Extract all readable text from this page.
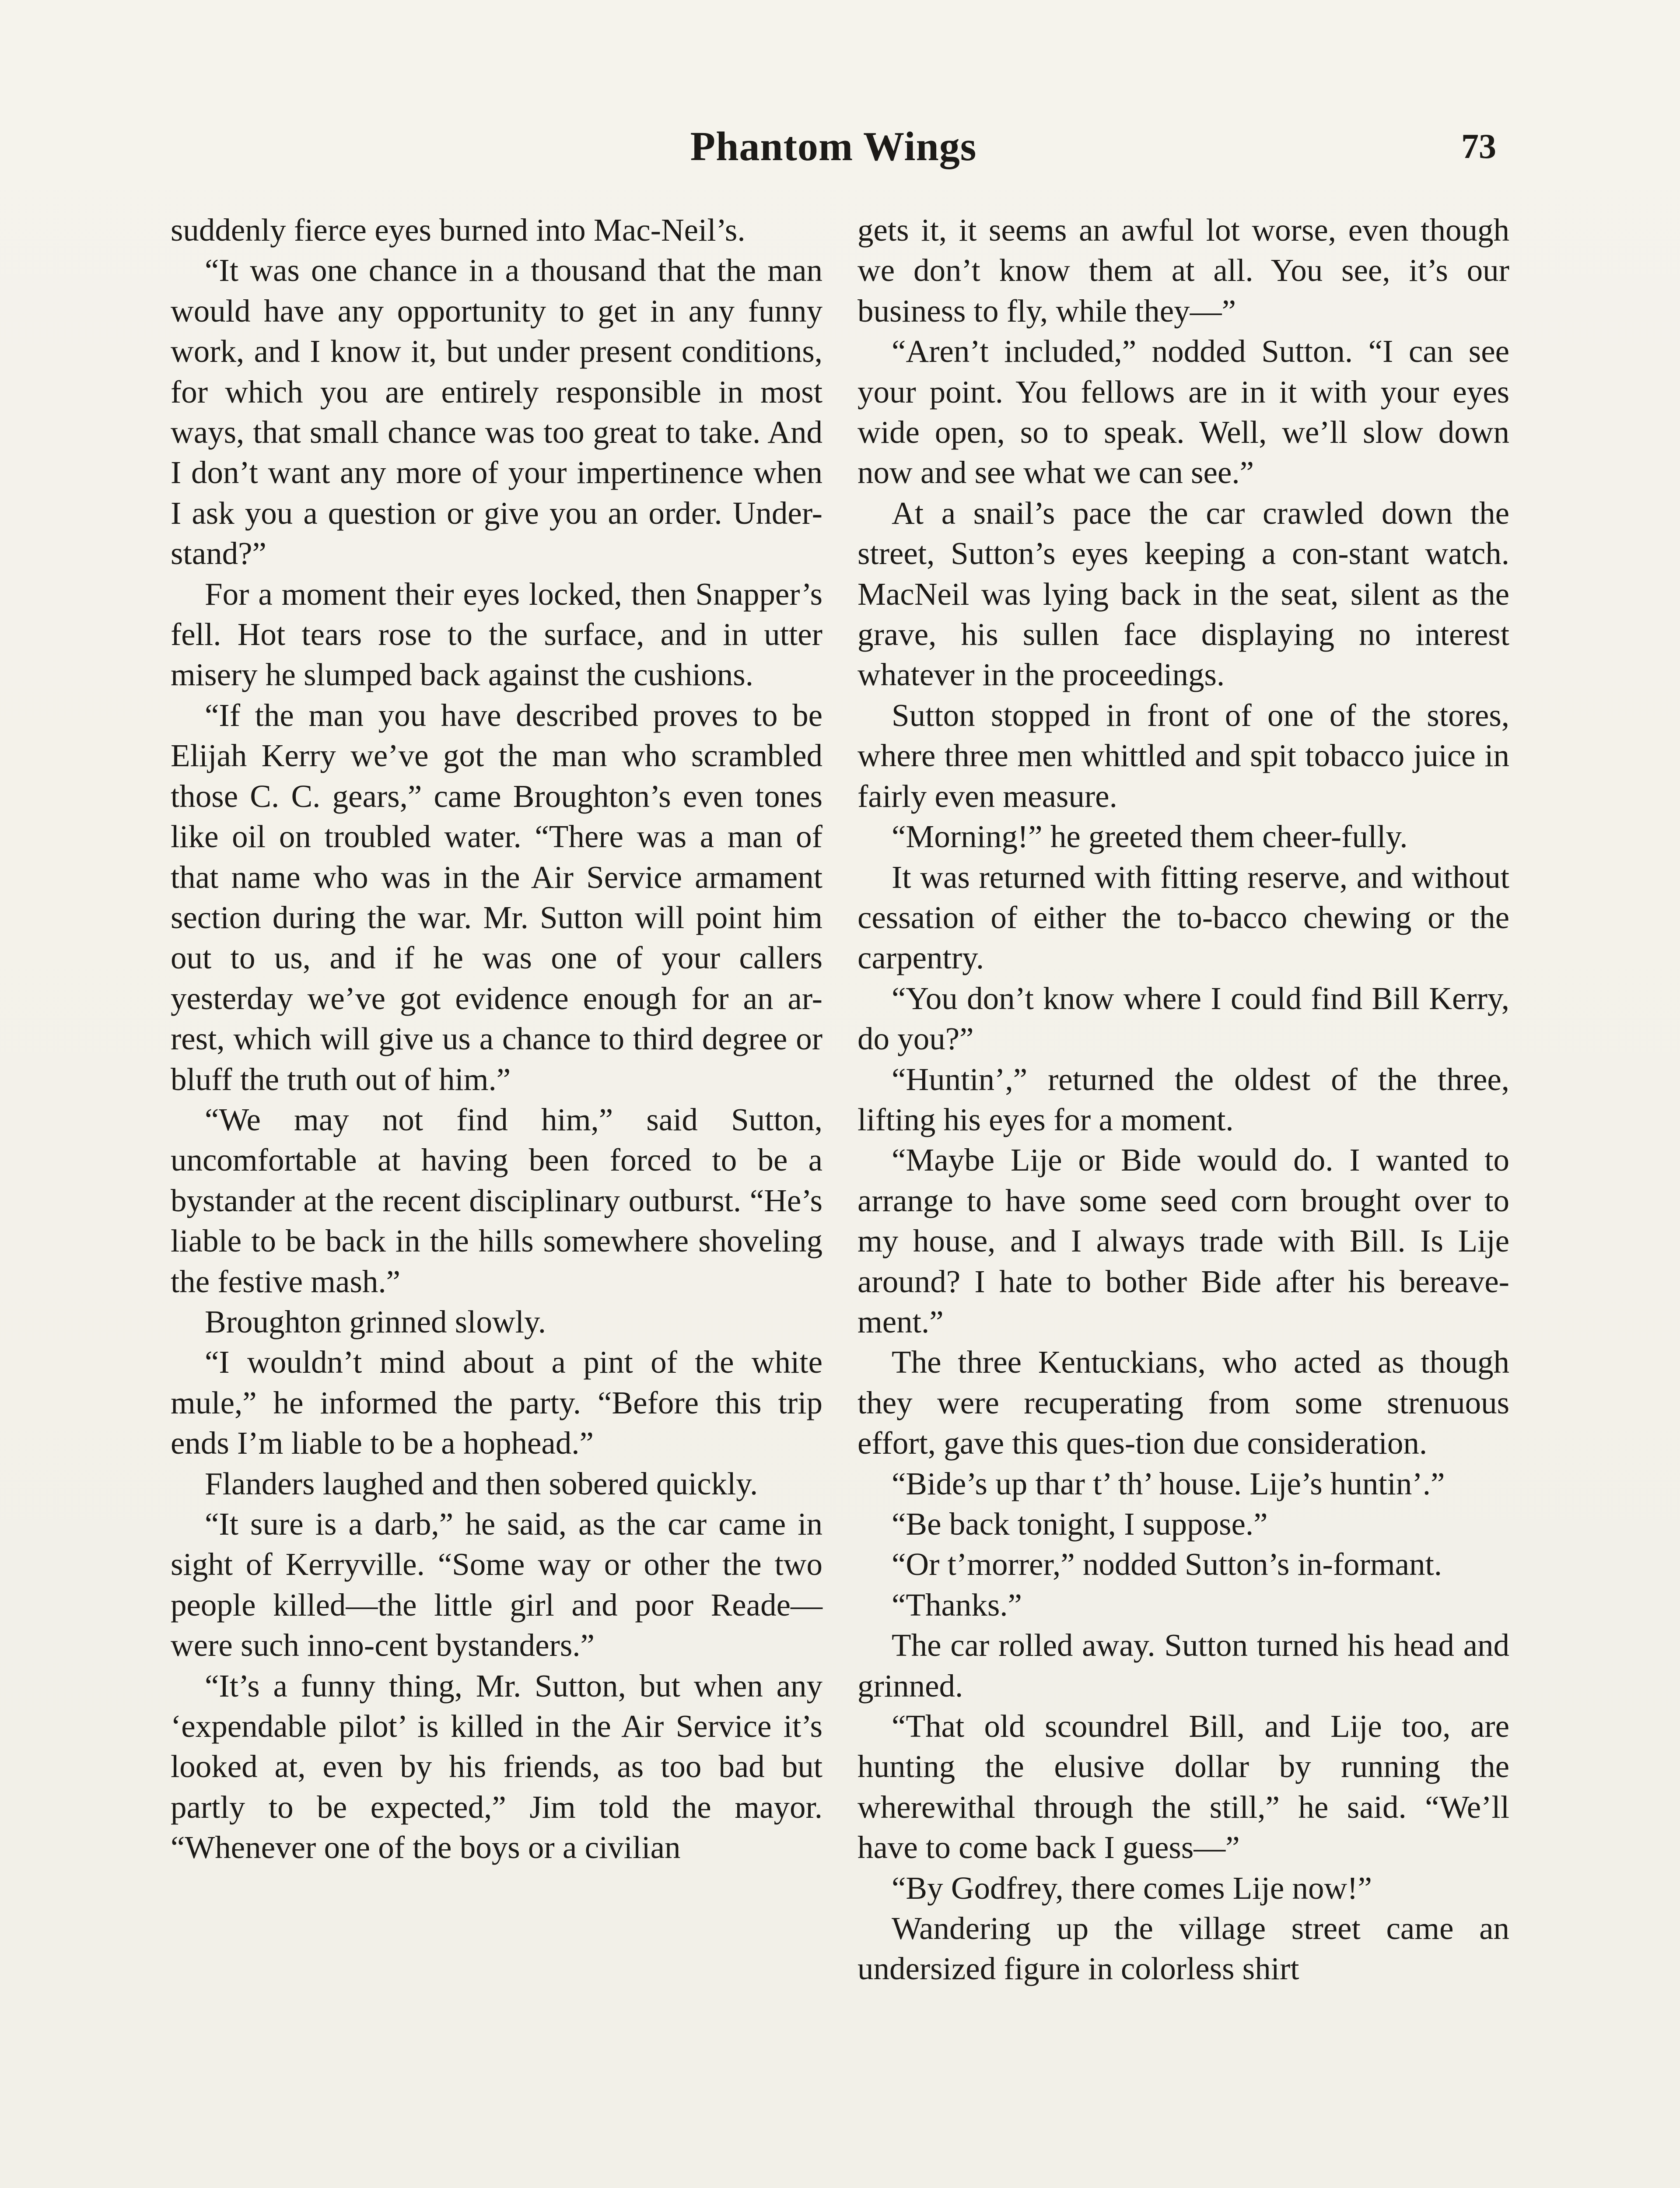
Phantom Wings	73

suddenly fierce eyes burned into Mac-Neil’s.

“It was one chance in a thousand that the man would have any opportunity to get in any funny work, and I know it, but under present conditions, for which you are entirely responsible in most ways, that small chance was too great to take. And I don’t want any more of your impertinence when I ask you a question or give you an order. Under-stand?”

For a moment their eyes locked, then Snapper’s fell. Hot tears rose to the surface, and in utter misery he slumped back against the cushions.

“If the man you have described proves to be Elijah Kerry we’ve got the man who scrambled those C. C. gears,” came Broughton’s even tones like oil on troubled water. “There was a man of that name who was in the Air Service armament section during the war. Mr. Sutton will point him out to us, and if he was one of your callers yesterday we’ve got evidence enough for an ar-rest, which will give us a chance to third degree or bluff the truth out of him.”

“We may not find him,” said Sutton, uncomfortable at having been forced to be a bystander at the recent disciplinary outburst. “He’s liable to be back in the hills somewhere shoveling the festive mash.”

Broughton grinned slowly.

“I wouldn’t mind about a pint of the white mule,” he informed the party. “Before this trip ends I’m liable to be a hophead.”

Flanders laughed and then sobered quickly.

“It sure is a darb,” he said, as the car came in sight of Kerryville. “Some way or other the two people killed—the little girl and poor Reade—were such inno-cent bystanders.”

“It’s a funny thing, Mr. Sutton, but when any ‘expendable pilot’ is killed in the Air Service it’s looked at, even by his friends, as too bad but partly to be expected,” Jim told the mayor. “Whenever one of the boys or a civilian

gets it, it seems an awful lot worse, even though we don’t know them at all. You see, it’s our business to fly, while they—”

“Aren’t included,” nodded Sutton. “I can see your point. You fellows are in it with your eyes wide open, so to speak. Well, we’ll slow down now and see what we can see.”

At a snail’s pace the car crawled down the street, Sutton’s eyes keeping a con-stant watch. MacNeil was lying back in the seat, silent as the grave, his sullen face displaying no interest whatever in the proceedings.

Sutton stopped in front of one of the stores, where three men whittled and spit tobacco juice in fairly even measure.

“Morning!” he greeted them cheer-fully.

It was returned with fitting reserve, and without cessation of either the to-bacco chewing or the carpentry.

“You don’t know where I could find Bill Kerry, do you?”

“Huntin’,” returned the oldest of the three, lifting his eyes for a moment.

“Maybe Lije or Bide would do. I wanted to arrange to have some seed corn brought over to my house, and I always trade with Bill. Is Lije around? I hate to bother Bide after his bereave-ment.”

The three Kentuckians, who acted as though they were recuperating from some strenuous effort, gave this ques-tion due consideration.

“Bide’s up thar t’ th’ house. Lije’s huntin’.”

“Be back tonight, I suppose.”

“Or t’morrer,” nodded Sutton’s in-formant.

“Thanks.”

The car rolled away. Sutton turned his head and grinned.

“That old scoundrel Bill, and Lije too, are hunting the elusive dollar by running the wherewithal through the still,” he said. “We’ll have to come back I guess—”

“By Godfrey, there comes Lije now!”

Wandering up the village street came an undersized figure in colorless shirt
